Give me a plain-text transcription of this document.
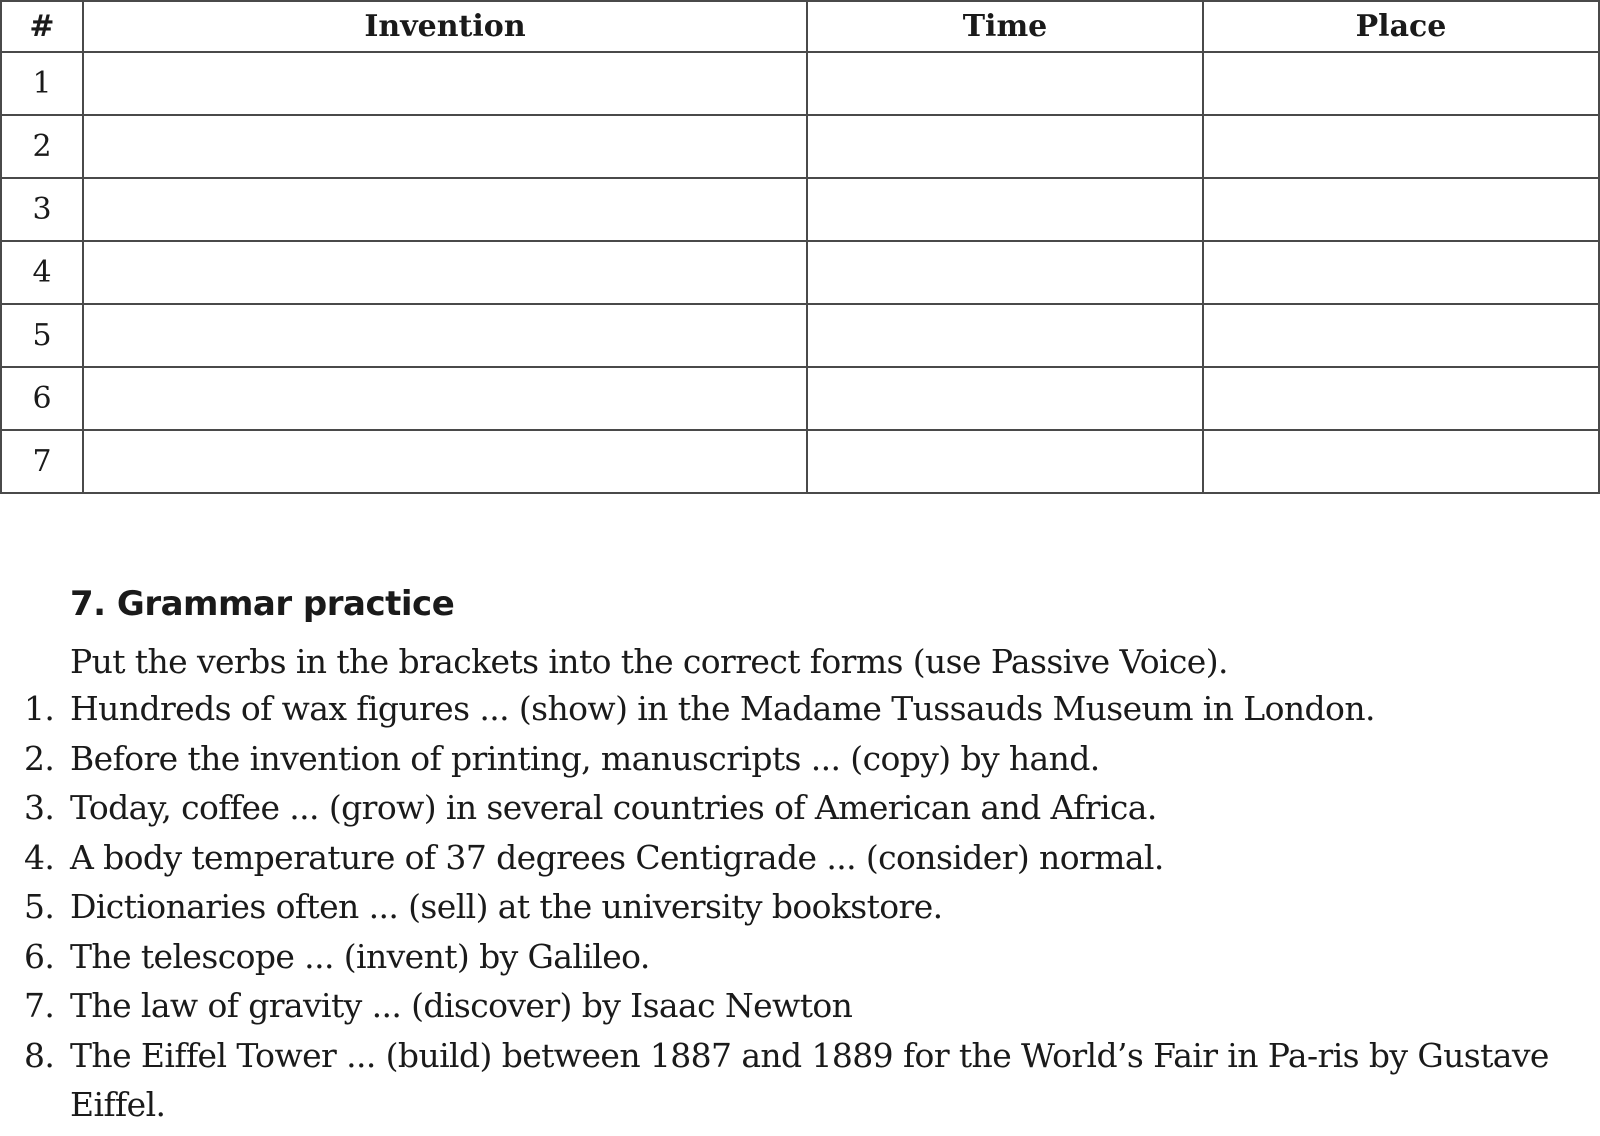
#	Invention	Time	Place
1			
2			
3			
4			
5			
6			
7			
7. Grammar practice
Put the verbs in the brackets into the correct forms (use Passive Voice).
1. Hundreds of wax figures ... (show) in the Madame Tussauds Museum in London.
2. Before the invention of printing, manuscripts ... (copy) by hand.
3. Today, coffee ... (grow) in several countries of American and Africa.
4. A body temperature of 37 degrees Centigrade ... (consider) normal.
5. Dictionaries often ... (sell) at the university bookstore.
6. The telescope ... (invent) by Galileo.
7. The law of gravity ... (discover) by Isaac Newton
8. The Eiffel Tower ... (build) between 1887 and 1889 for the World’s Fair in Pa-ris by Gustave Eiffel.
